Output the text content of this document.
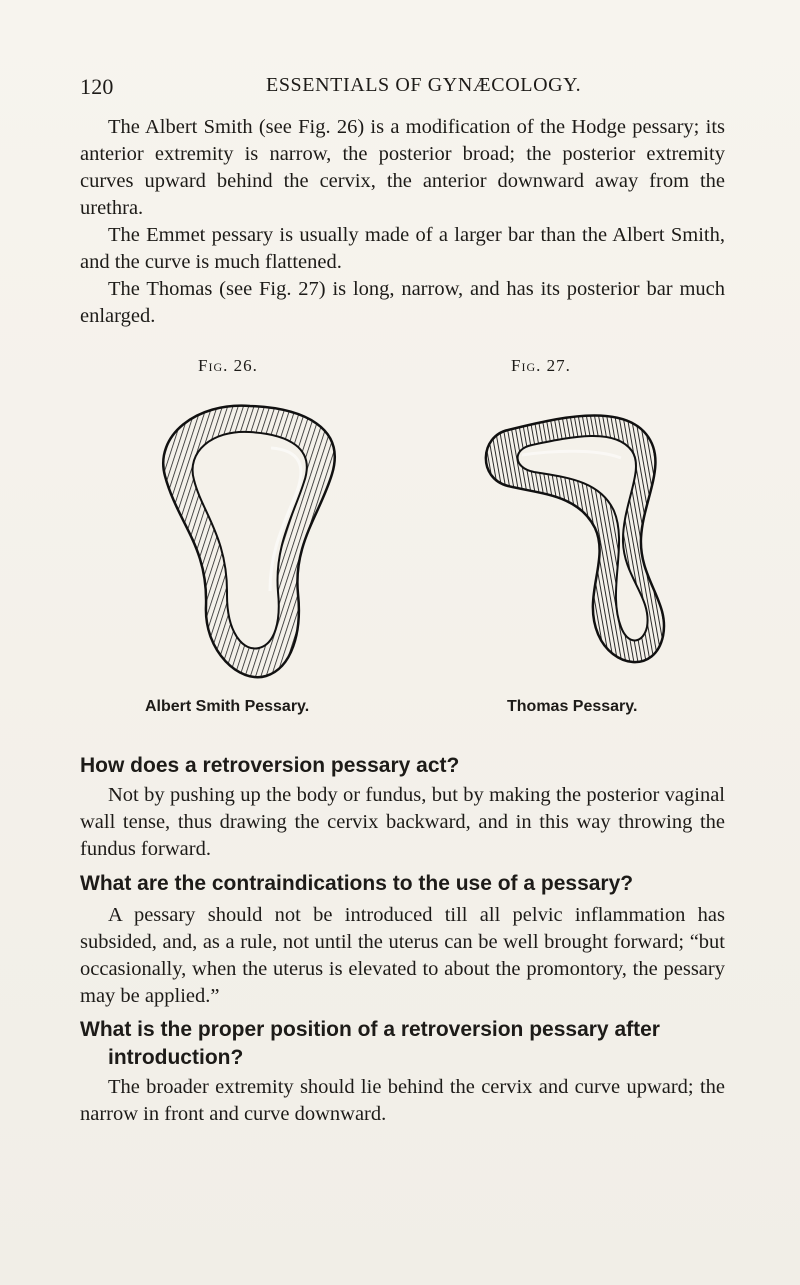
120	ESSENTIALS OF GYNÆCOLOGY.

The Albert Smith (see Fig. 26) is a modification of the Hodge pessary; its anterior extremity is narrow, the posterior broad; the posterior extremity curves upward behind the cervix, the anterior downward away from the urethra.

The Emmet pessary is usually made of a larger bar than the Albert Smith, and the curve is much flattened.

The Thomas (see Fig. 27) is long, narrow, and has its posterior bar much enlarged.

Fig. 26.	Fig. 27.
Albert Smith Pessary.	Thomas Pessary.
How does a retroversion pessary act?

Not by pushing up the body or fundus, but by making the posterior vaginal wall tense, thus drawing the cervix backward, and in this way throwing the fundus forward.

What are the contraindications to the use of a pessary?

A pessary should not be introduced till all pelvic inflammation has subsided, and, as a rule, not until the uterus can be well brought forward; “but occasionally, when the uterus is elevated to about the promontory, the pessary may be applied.”

What is the proper position of a retroversion pessary after
introduction?

The broader extremity should lie behind the cervix and curve upward; the narrow in front and curve downward.
